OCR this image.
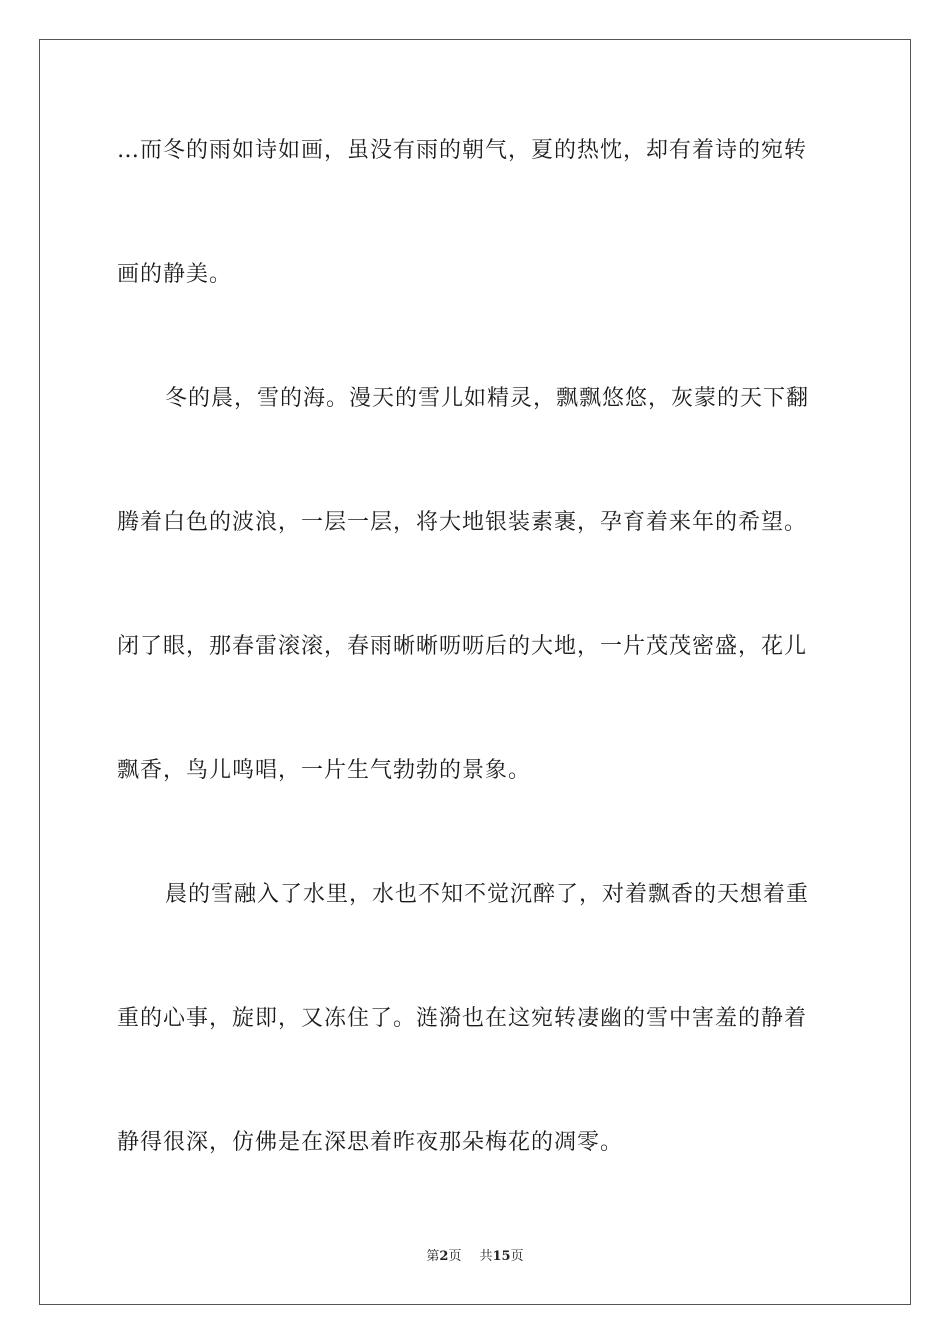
…而冬的雨如诗如画，虽没有雨的朝气，夏的热忱，却有着诗的宛转
画的静美。
冬的晨，雪的海。漫天的雪儿如精灵，飘飘悠悠，灰蒙的天下翻
腾着白色的波浪，一层一层，将大地银装素裹，孕育着来年的希望。
闭了眼，那春雷滚滚，春雨晰晰呖呖后的大地，一片茂茂密盛，花儿
飘香，鸟儿鸣唱，一片生气勃勃的景象。
晨的雪融入了水里，水也不知不觉沉醉了，对着飘香的天想着重
重的心事，旋即，又冻住了。涟漪也在这宛转凄幽的雪中害羞的静着
静得很深，仿佛是在深思着昨夜那朵梅花的凋零。
第2页 共15页
